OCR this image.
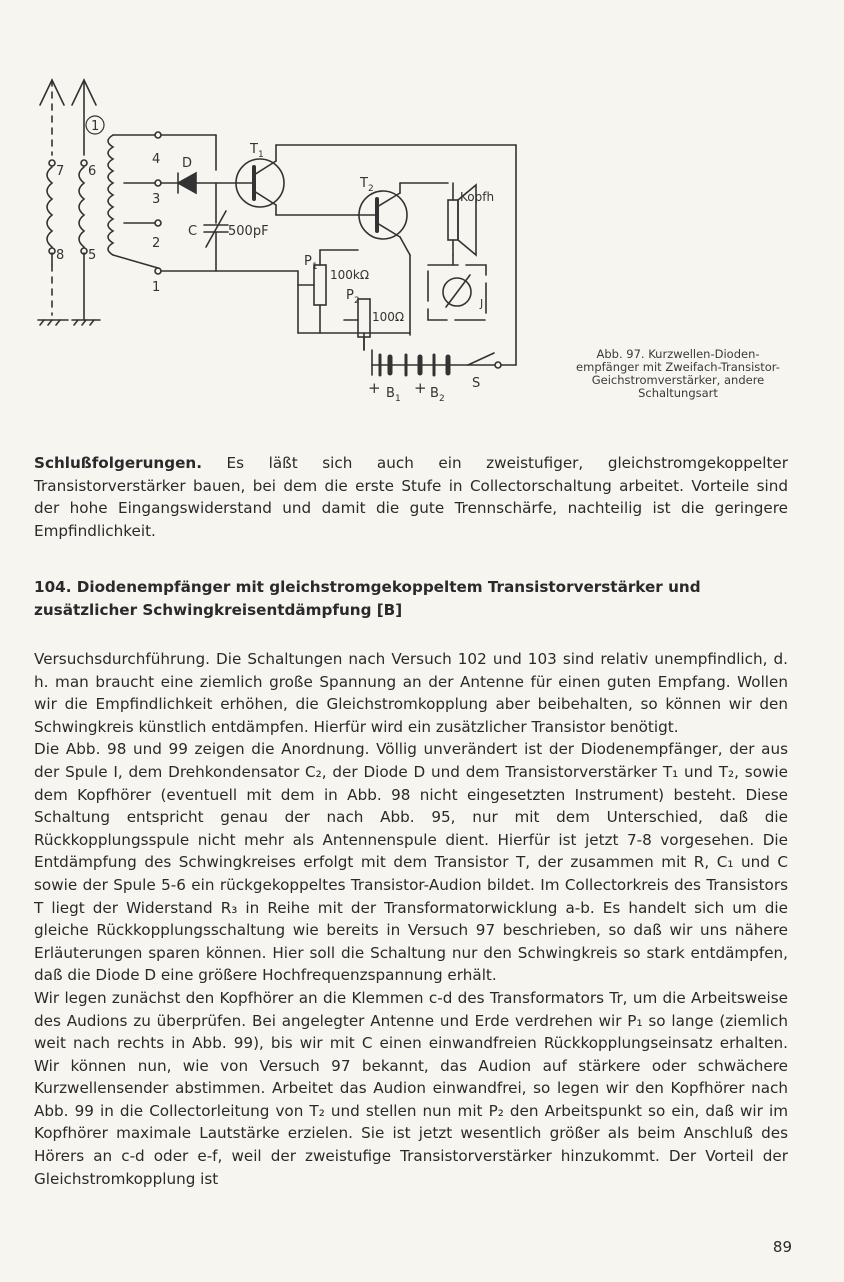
1
7 6
8 5
4
3
2
1
D
C 500pF
T 1
T 2
Kopfh
P 1
100kΩ
P 2
100Ω
J
+ B 1
+ B 2
S
Abb. 97. Kurzwellen-Dioden-
empfänger mit Zweifach-Transistor-
Geichstromverstärker, andere
Schaltungsart

Schlußfolgerungen. Es läßt sich auch ein zweistufiger, gleichstromgekoppelter Transistorverstärker bauen, bei dem die erste Stufe in Collectorschaltung arbeitet. Vorteile sind der hohe Eingangswiderstand und damit die gute Trennschärfe, nachteilig ist die geringere Empfindlichkeit.

104. Diodenempfänger mit gleichstromgekoppeltem Transistorverstärker und zusätzlicher Schwingkreisentdämpfung [B]

Versuchsdurchführung. Die Schaltungen nach Versuch 102 und 103 sind relativ unempfindlich, d. h. man braucht eine ziemlich große Spannung an der Antenne für einen guten Empfang. Wollen wir die Empfindlichkeit erhöhen, die Gleichstromkopplung aber beibehalten, so können wir den Schwingkreis künstlich entdämpfen. Hierfür wird ein zusätzlicher Transistor benötigt.

Die Abb. 98 und 99 zeigen die Anordnung. Völlig unverändert ist der Diodenempfänger, der aus der Spule I, dem Drehkondensator C₂, der Diode D und dem Transistorverstärker T₁ und T₂, sowie dem Kopfhörer (eventuell mit dem in Abb. 98 nicht eingesetzten Instrument) besteht. Diese Schaltung entspricht genau der nach Abb. 95, nur mit dem Unterschied, daß die Rückkopplungsspule nicht mehr als Antennenspule dient. Hierfür ist jetzt 7-8 vorgesehen. Die Entdämpfung des Schwingkreises erfolgt mit dem Transistor T, der zusammen mit R, C₁ und C sowie der Spule 5-6 ein rückgekoppeltes Transistor-Audion bildet. Im Collectorkreis des Transistors T liegt der Widerstand R₃ in Reihe mit der Transformatorwicklung a-b. Es handelt sich um die gleiche Rückkopplungsschaltung wie bereits in Versuch 97 beschrieben, so daß wir uns nähere Erläuterungen sparen können. Hier soll die Schaltung nur den Schwingkreis so stark entdämpfen, daß die Diode D eine größere Hochfrequenzspannung erhält.

Wir legen zunächst den Kopfhörer an die Klemmen c-d des Transformators Tr, um die Arbeitsweise des Audions zu überprüfen. Bei angelegter Antenne und Erde verdrehen wir P₁ so lange (ziemlich weit nach rechts in Abb. 99), bis wir mit C einen einwandfreien Rückkopplungseinsatz erhalten. Wir können nun, wie von Versuch 97 bekannt, das Audion auf stärkere oder schwächere Kurzwellensender abstimmen. Arbeitet das Audion einwandfrei, so legen wir den Kopfhörer nach Abb. 99 in die Collectorleitung von T₂ und stellen nun mit P₂ den Arbeitspunkt so ein, daß wir im Kopfhörer maximale Lautstärke erzielen. Sie ist jetzt wesentlich größer als beim Anschluß des Hörers an c-d oder e-f, weil der zweistufige Transistorverstärker hinzukommt. Der Vorteil der Gleichstromkopplung ist

89
